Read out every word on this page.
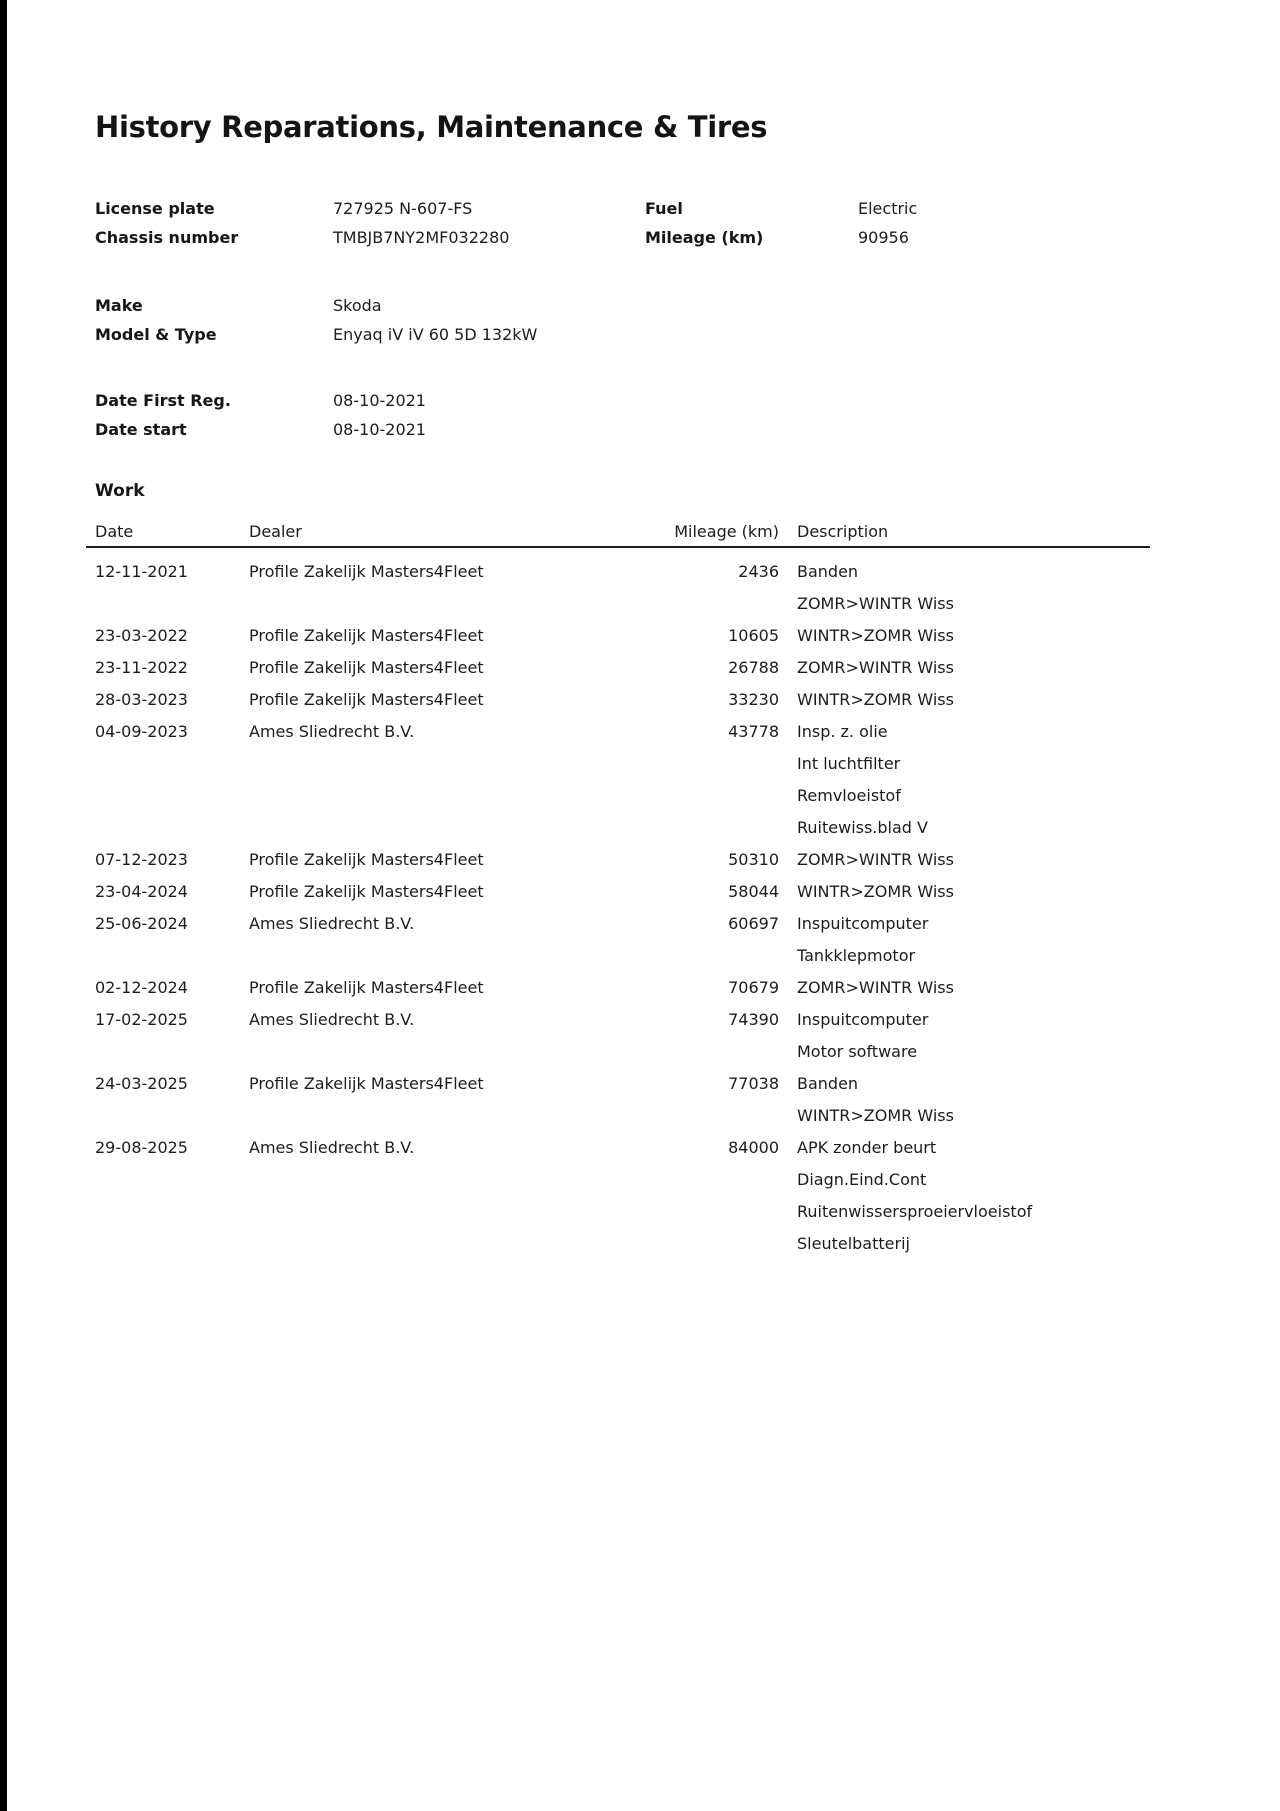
History Reparations, Maintenance & Tires
License plate	727925 N-607-FS	Fuel	Electric
Chassis number	TMBJB7NY2MF032280	Mileage (km)	90956
Make	Skoda
Model & Type	Enyaq iV iV 60 5D 132kW
Date First Reg.	08-10-2021
Date start	08-10-2021
Work
Date	Dealer	Mileage (km)	Description
12-11-2021	Profile Zakelijk Masters4Fleet	2436	Banden
ZOMR>WINTR Wiss
23-03-2022	Profile Zakelijk Masters4Fleet	10605	WINTR>ZOMR Wiss
23-11-2022	Profile Zakelijk Masters4Fleet	26788	ZOMR>WINTR Wiss
28-03-2023	Profile Zakelijk Masters4Fleet	33230	WINTR>ZOMR Wiss
04-09-2023	Ames Sliedrecht B.V.	43778	Insp. z. olie
Int luchtfilter
Remvloeistof
Ruitewiss.blad V
07-12-2023	Profile Zakelijk Masters4Fleet	50310	ZOMR>WINTR Wiss
23-04-2024	Profile Zakelijk Masters4Fleet	58044	WINTR>ZOMR Wiss
25-06-2024	Ames Sliedrecht B.V.	60697	Inspuitcomputer
Tankklepmotor
02-12-2024	Profile Zakelijk Masters4Fleet	70679	ZOMR>WINTR Wiss
17-02-2025	Ames Sliedrecht B.V.	74390	Inspuitcomputer
Motor software
24-03-2025	Profile Zakelijk Masters4Fleet	77038	Banden
WINTR>ZOMR Wiss
29-08-2025	Ames Sliedrecht B.V.	84000	APK zonder beurt
Diagn.Eind.Cont
Ruitenwissersproeiervloeistof
Sleutelbatterij
